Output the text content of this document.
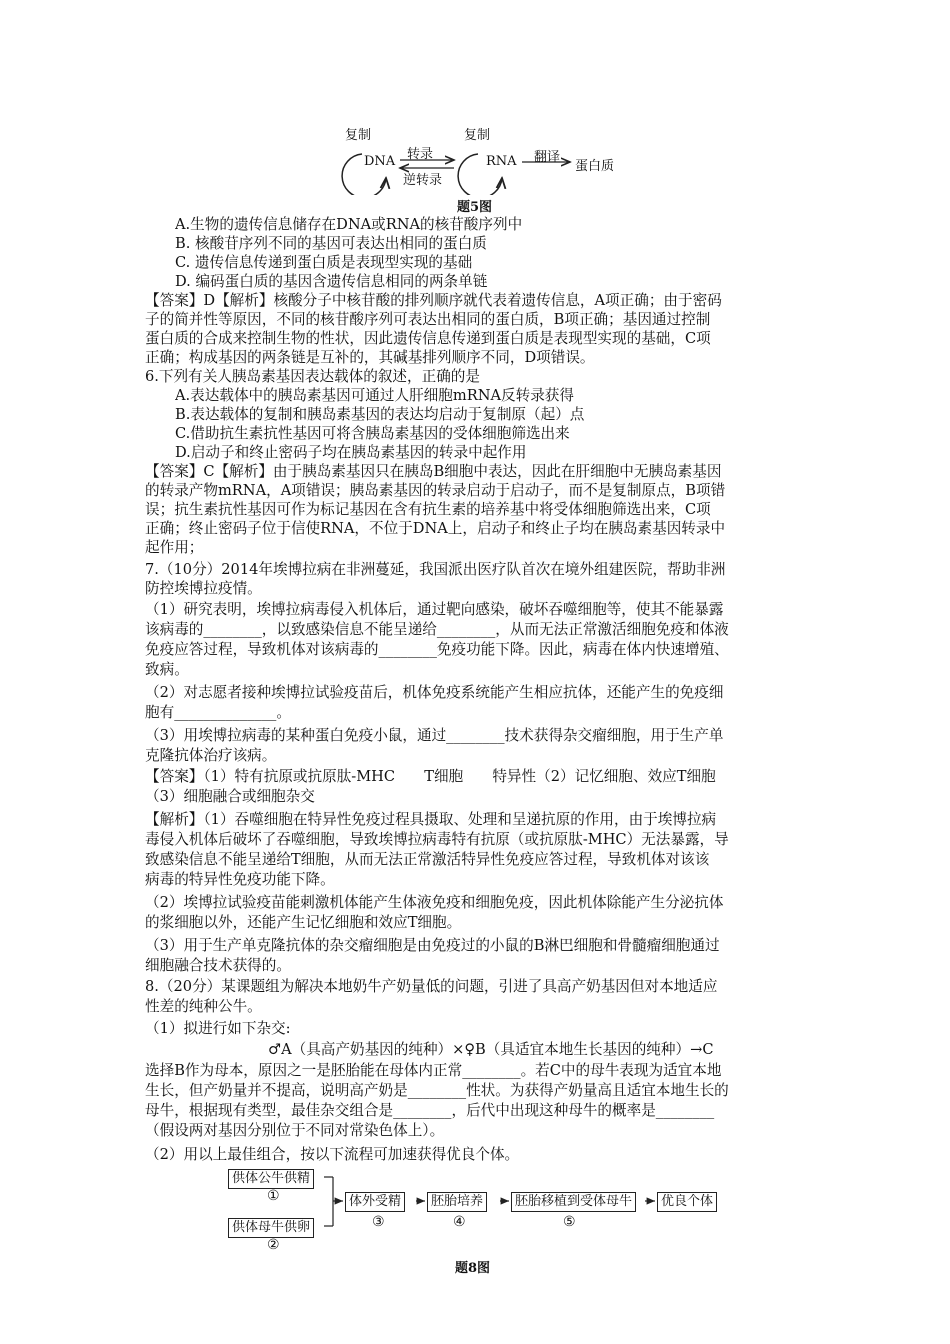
复制	复制
DNA	RNA
转录
逆转录
翻译
蛋白质
题5图
A.生物的遗传信息储存在DNA或RNA的核苷酸序列中
B. 核酸苷序列不同的基因可表达出相同的蛋白质
C. 遗传信息传递到蛋白质是表现型实现的基础
D. 编码蛋白质的基因含遗传信息相同的两条单链
【答案】D【解析】核酸分子中核苷酸的排列顺序就代表着遗传信息，A项正确；由于密码
子的简并性等原因，不同的核苷酸序列可表达出相同的蛋白质，B项正确；基因通过控制
蛋白质的合成来控制生物的性状，因此遗传信息传递到蛋白质是表现型实现的基础，C项
正确；构成基因的两条链是互补的，其碱基排列顺序不同，D项错误。
6.下列有关人胰岛素基因表达载体的叙述，正确的是
A.表达载体中的胰岛素基因可通过人肝细胞mRNA反转录获得
B.表达载体的复制和胰岛素基因的表达均启动于复制原（起）点
C.借助抗生素抗性基因可将含胰岛素基因的受体细胞筛选出来
D.启动子和终止密码子均在胰岛素基因的转录中起作用
【答案】C【解析】由于胰岛素基因只在胰岛B细胞中表达，因此在肝细胞中无胰岛素基因
的转录产物mRNA，A项错误；胰岛素基因的转录启动于启动子，而不是复制原点，B项错
误；抗生素抗性基因可作为标记基因在含有抗生素的培养基中将受体细胞筛选出来，C项
正确；终止密码子位于信使RNA，不位于DNA上，启动子和终止子均在胰岛素基因转录中
起作用；
7.（10分）2014年埃博拉病在非洲蔓延，我国派出医疗队首次在境外组建医院，帮助非洲
防控埃博拉疫情。
（1）研究表明，埃博拉病毒侵入机体后，通过靶向感染，破坏吞噬细胞等，使其不能暴露
该病毒的________，以致感染信息不能呈递给________，从而无法正常激活细胞免疫和体液
免疫应答过程，导致机体对该病毒的________免疫功能下降。因此，病毒在体内快速增殖、
致病。
（2）对志愿者接种埃博拉试验疫苗后，机体免疫系统能产生相应抗体，还能产生的免疫细
胞有______________。
（3）用埃博拉病毒的某种蛋白免疫小鼠，通过________技术获得杂交瘤细胞，用于生产单
克隆抗体治疗该病。
【答案】（1）特有抗原或抗原肽-MHC　　T细胞　　特异性（2）记忆细胞、效应T细胞
（3）细胞融合或细胞杂交
【解析】（1）吞噬细胞在特异性免疫过程具摄取、处理和呈递抗原的作用，由于埃博拉病
毒侵入机体后破坏了吞噬细胞，导致埃博拉病毒特有抗原（或抗原肽-MHC）无法暴露，导
致感染信息不能呈递给T细胞，从而无法正常激活特异性免疫应答过程，导致机体对该该
病毒的特异性免疫功能下降。
（2）埃博拉试验疫苗能刺激机体能产生体液免疫和细胞免疫，因此机体除能产生分泌抗体
的浆细胞以外，还能产生记忆细胞和效应T细胞。
（3）用于生产单克隆抗体的杂交瘤细胞是由免疫过的小鼠的B淋巴细胞和骨髓瘤细胞通过
细胞融合技术获得的。
8.（20分）某课题组为解决本地奶牛产奶量低的问题，引进了具高产奶基因但对本地适应
性差的纯种公牛。
（1）拟进行如下杂交:
♂A（具高产奶基因的纯种）×♀B（具适宜本地生长基因的纯种）→C
选择B作为母本，原因之一是胚胎能在母体内正常________。若C中的母牛表现为适宜本地
生长，但产奶量并不提高，说明高产奶是________性状。为获得产奶量高且适宜本地生长的
母牛，根据现有类型，最佳杂交组合是________，后代中出现这种母牛的概率是________
（假设两对基因分别位于不同对常染色体上）。
（2）用以上最佳组合，按以下流程可加速获得优良个体。
供体公牛供精
①
供体母牛供卵
②
体外受精
③
胚胎培养
④
胚胎移植到受体母牛
⑤
优良个体
题8图
